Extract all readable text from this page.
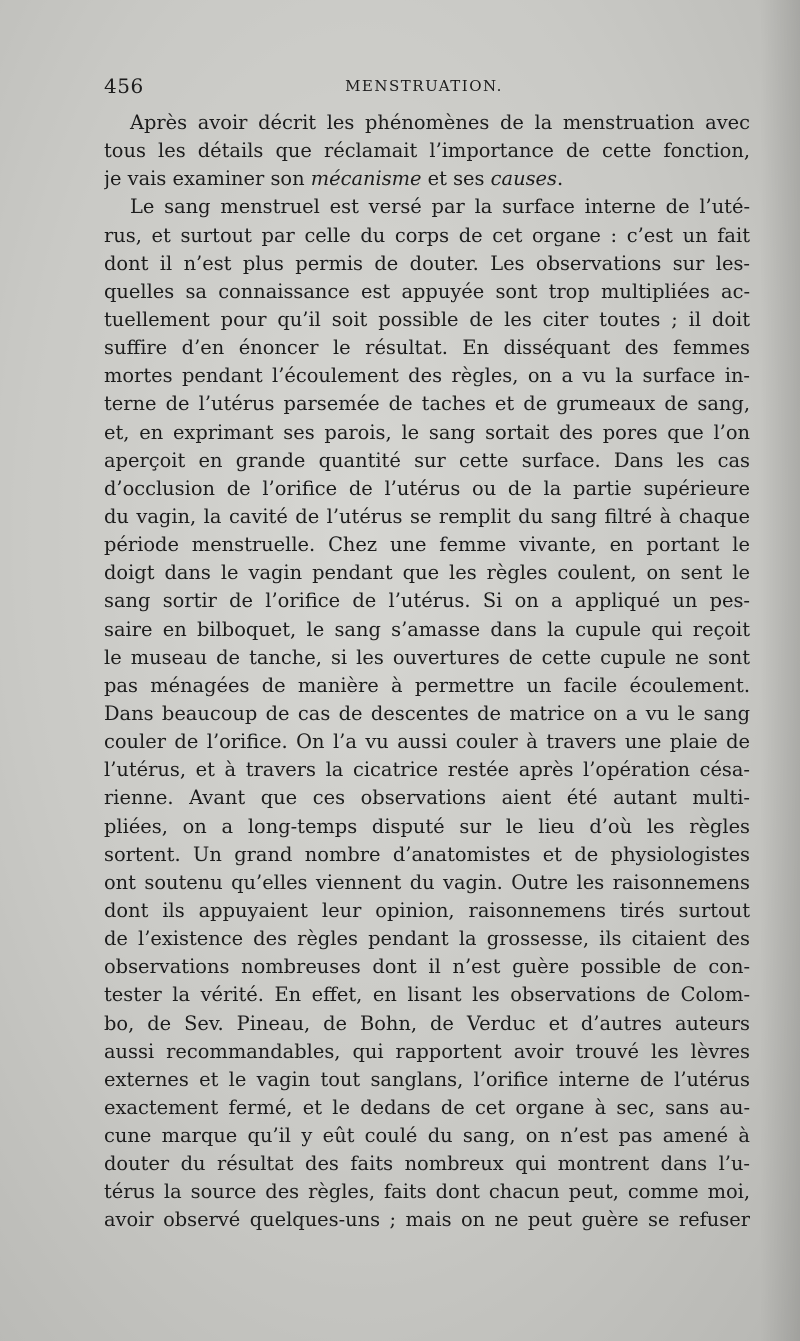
456	MENSTRUATION.
Après avoir décrit les phénomènes de la menstruation avec
tous les détails que réclamait l’importance de cette fonction,
je vais examiner son mécanisme et ses causes.
Le sang menstruel est versé par la surface interne de l’uté-
rus, et surtout par celle du corps de cet organe : c’est un fait
dont il n’est plus permis de douter. Les observations sur les-
quelles sa connaissance est appuyée sont trop multipliées ac-
tuellement pour qu’il soit possible de les citer toutes ; il doit
suffire d’en énoncer le résultat. En disséquant des femmes
mortes pendant l’écoulement des règles, on a vu la surface in-
terne de l’utérus parsemée de taches et de grumeaux de sang,
et, en exprimant ses parois, le sang sortait des pores que l’on
aperçoit en grande quantité sur cette surface. Dans les cas
d’occlusion de l’orifice de l’utérus ou de la partie supérieure
du vagin, la cavité de l’utérus se remplit du sang filtré à chaque
période menstruelle. Chez une femme vivante, en portant le
doigt dans le vagin pendant que les règles coulent, on sent le
sang sortir de l’orifice de l’utérus. Si on a appliqué un pes-
saire en bilboquet, le sang s’amasse dans la cupule qui reçoit
le museau de tanche, si les ouvertures de cette cupule ne sont
pas ménagées de manière à permettre un facile écoulement.
Dans beaucoup de cas de descentes de matrice on a vu le sang
couler de l’orifice. On l’a vu aussi couler à travers une plaie de
l’utérus, et à travers la cicatrice restée après l’opération césa-
rienne. Avant que ces observations aient été autant multi-
pliées, on a long-temps disputé sur le lieu d’où les règles
sortent. Un grand nombre d’anatomistes et de physiologistes
ont soutenu qu’elles viennent du vagin. Outre les raisonnemens
dont ils appuyaient leur opinion, raisonnemens tirés surtout
de l’existence des règles pendant la grossesse, ils citaient des
observations nombreuses dont il n’est guère possible de con-
tester la vérité. En effet, en lisant les observations de Colom-
bo, de Sev. Pineau, de Bohn, de Verduc et d’autres auteurs
aussi recommandables, qui rapportent avoir trouvé les lèvres
externes et le vagin tout sanglans, l’orifice interne de l’utérus
exactement fermé, et le dedans de cet organe à sec, sans au-
cune marque qu’il y eût coulé du sang, on n’est pas amené à
douter du résultat des faits nombreux qui montrent dans l’u-
térus la source des règles, faits dont chacun peut, comme moi,
avoir observé quelques-uns ; mais on ne peut guère se refuser
